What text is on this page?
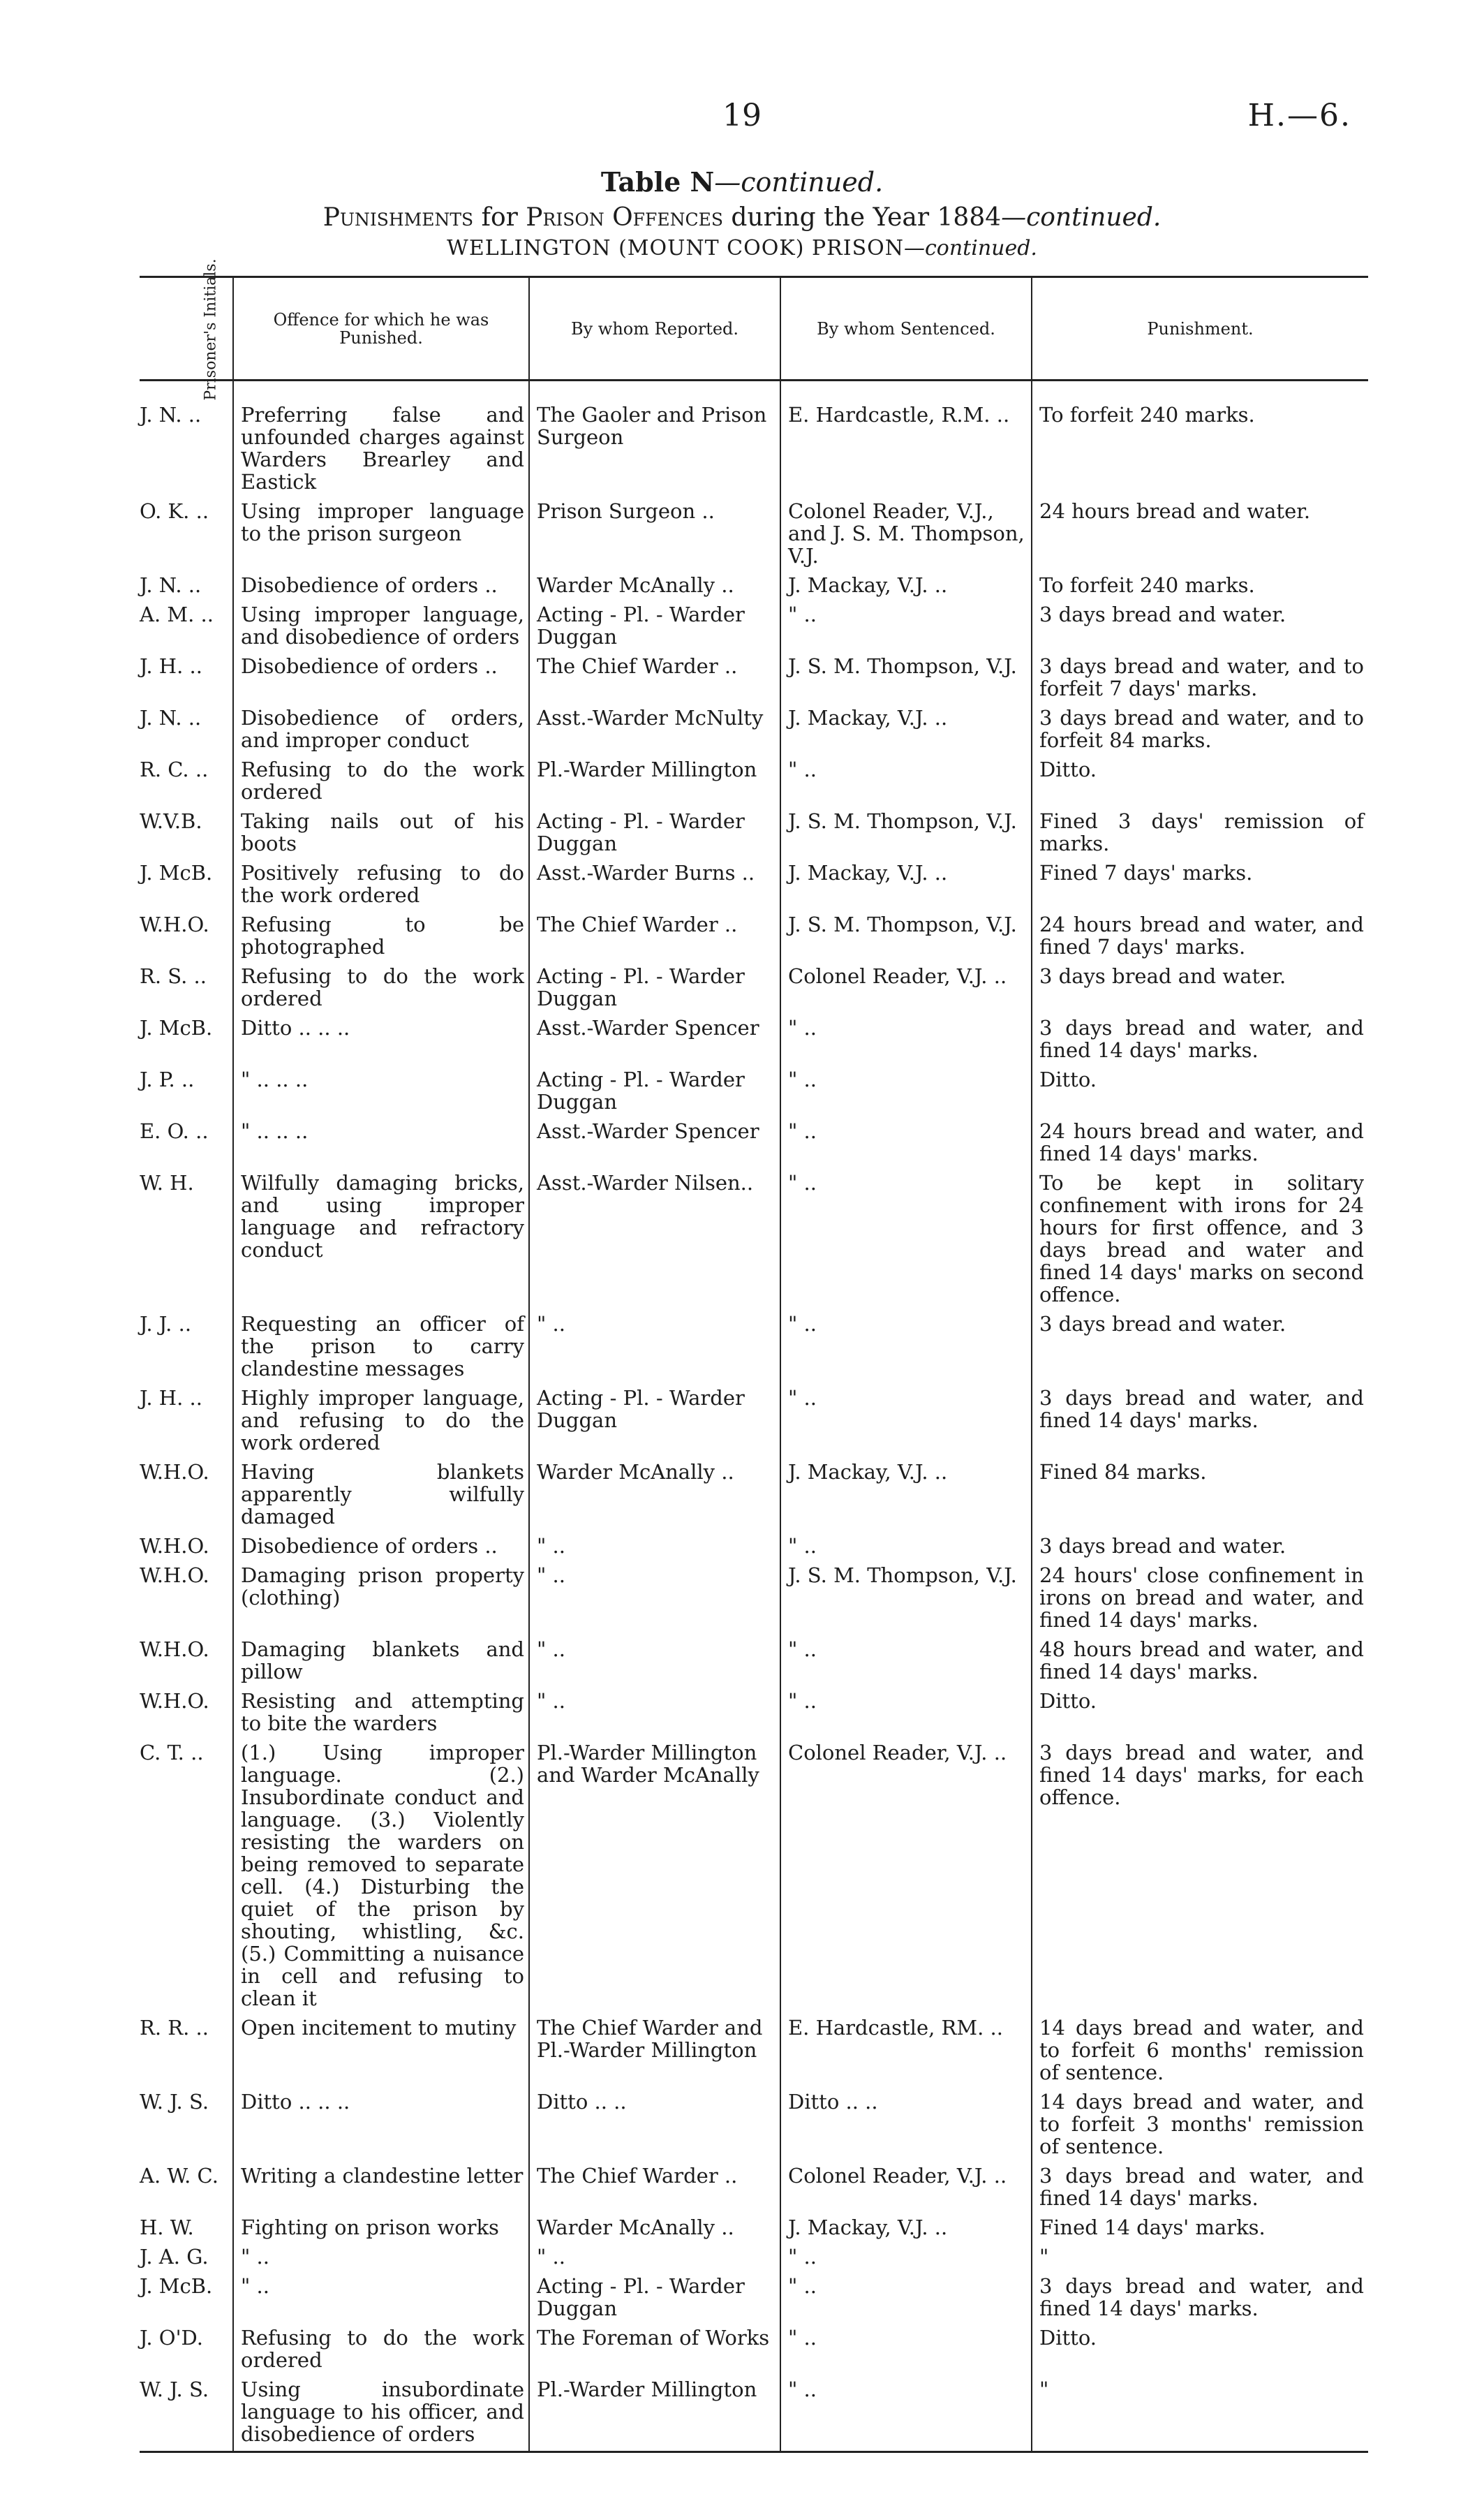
19	H.—6.
Table N—continued.
Punishments for Prison Offences during the Year 1884—continued.
WELLINGTON (MOUNT COOK) PRISON—continued.
Prisoner's Initials.	Offence for which he was Punished.	By whom Reported.	By whom Sentenced.	Punishment.
J. N. ..	Preferring false and unfounded charges against Warders Brearley and Eastick	The Gaoler and Prison Surgeon	E. Hardcastle, R.M. ..	To forfeit 240 marks.
O. K. ..	Using improper language to the prison surgeon	Prison Surgeon ..	Colonel Reader, V.J., and J. S. M. Thompson, V.J.	24 hours bread and water.
J. N. ..	Disobedience of orders ..	Warder McAnally ..	J. Mackay, V.J. ..	To forfeit 240 marks.
A. M. ..	Using improper language, and disobedience of orders	Acting - Pl. - Warder Duggan	" ..	3 days bread and water.
J. H. ..	Disobedience of orders ..	The Chief Warder ..	J. S. M. Thompson, V.J.	3 days bread and water, and to forfeit 7 days' marks.
J. N. ..	Disobedience of orders, and improper conduct	Asst.-Warder McNulty	J. Mackay, V.J. ..	3 days bread and water, and to forfeit 84 marks.
R. C. ..	Refusing to do the work ordered	Pl.-Warder Millington	" ..	Ditto.
W.V.B.	Taking nails out of his boots	Acting - Pl. - Warder Duggan	J. S. M. Thompson, V.J.	Fined 3 days' remission of marks.
J. McB.	Positively refusing to do the work ordered	Asst.-Warder Burns ..	J. Mackay, V.J. ..	Fined 7 days' marks.
W.H.O.	Refusing to be photographed	The Chief Warder ..	J. S. M. Thompson, V.J.	24 hours bread and water, and fined 7 days' marks.
R. S. ..	Refusing to do the work ordered	Acting - Pl. - Warder Duggan	Colonel Reader, V.J. ..	3 days bread and water.
J. McB.	Ditto .. .. ..	Asst.-Warder Spencer	" ..	3 days bread and water, and fined 14 days' marks.
J. P. ..	" .. .. ..	Acting - Pl. - Warder Duggan	" ..	Ditto.
E. O. ..	" .. .. ..	Asst.-Warder Spencer	" ..	24 hours bread and water, and fined 14 days' marks.
W. H.	Wilfully damaging bricks, and using improper language and refractory conduct	Asst.-Warder Nilsen..	" ..	To be kept in solitary confinement with irons for 24 hours for first offence, and 3 days bread and water and fined 14 days' marks on second offence.
J. J. ..	Requesting an officer of the prison to carry clandestine messages	" ..	" ..	3 days bread and water.
J. H. ..	Highly improper language, and refusing to do the work ordered	Acting - Pl. - Warder Duggan	" ..	3 days bread and water, and fined 14 days' marks.
W.H.O.	Having blankets apparently wilfully damaged	Warder McAnally ..	J. Mackay, V.J. ..	Fined 84 marks.
W.H.O.	Disobedience of orders ..	" ..	" ..	3 days bread and water.
W.H.O.	Damaging prison property (clothing)	" ..	J. S. M. Thompson, V.J.	24 hours' close confinement in irons on bread and water, and fined 14 days' marks.
W.H.O.	Damaging blankets and pillow	" ..	" ..	48 hours bread and water, and fined 14 days' marks.
W.H.O.	Resisting and attempting to bite the warders	" ..	" ..	Ditto.
C. T. ..	(1.) Using improper language. (2.) Insubordinate conduct and language. (3.) Violently resisting the warders on being removed to separate cell. (4.) Disturbing the quiet of the prison by shouting, whistling, &c. (5.) Committing a nuisance in cell and refusing to clean it	Pl.-Warder Millington and Warder McAnally	Colonel Reader, V.J. ..	3 days bread and water, and fined 14 days' marks, for each offence.
R. R. ..	Open incitement to mutiny	The Chief Warder and Pl.-Warder Millington	E. Hardcastle, RM. ..	14 days bread and water, and to forfeit 6 months' remission of sentence.
W. J. S.	Ditto .. .. ..	Ditto .. ..	Ditto .. ..	14 days bread and water, and to forfeit 3 months' remission of sentence.
A. W. C.	Writing a clandestine letter	The Chief Warder ..	Colonel Reader, V.J. ..	3 days bread and water, and fined 14 days' marks.
H. W.	Fighting on prison works	Warder McAnally ..	J. Mackay, V.J. ..	Fined 14 days' marks.
J. A. G.	" ..	" ..	" ..	"
J. McB.	" ..	Acting - Pl. - Warder Duggan	" ..	3 days bread and water, and fined 14 days' marks.
J. O'D.	Refusing to do the work ordered	The Foreman of Works	" ..	Ditto.
W. J. S.	Using insubordinate language to his officer, and disobedience of orders	Pl.-Warder Millington	" ..	"
